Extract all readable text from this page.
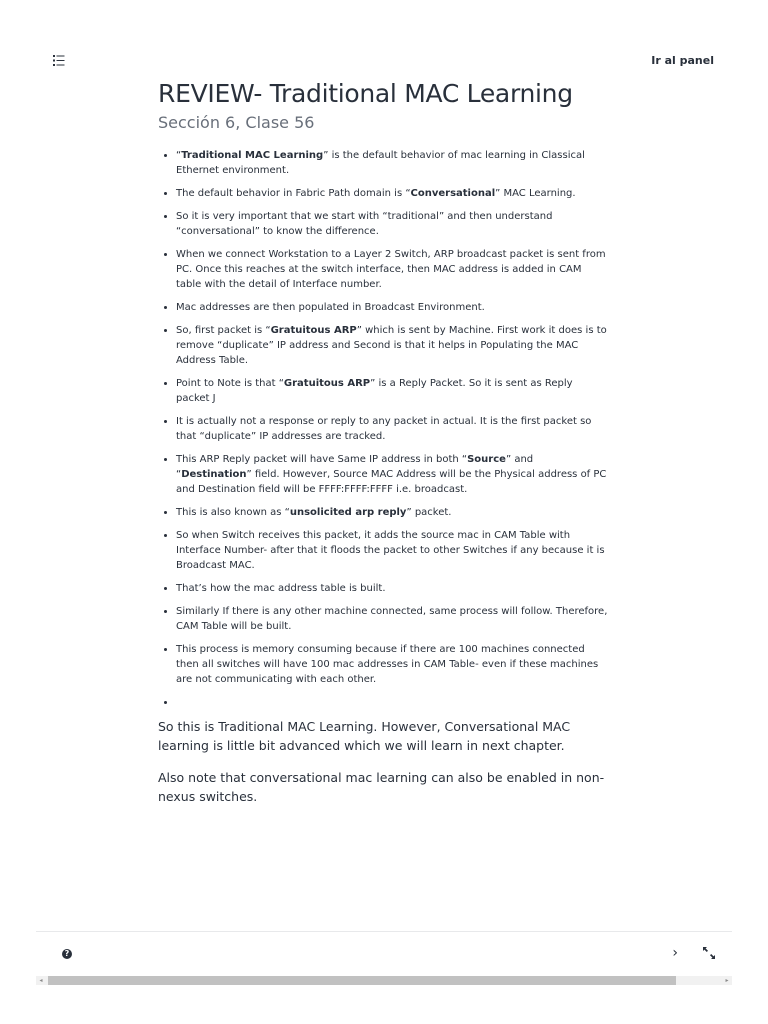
Ir al panel
REVIEW- Traditional MAC Learning
Sección 6, Clase 56
• “Traditional MAC Learning” is the default behavior of mac learning in Classical Ethernet environment.
• The default behavior in Fabric Path domain is “Conversational” MAC Learning.
• So it is very important that we start with “traditional” and then understand “conversational” to know the difference.
• When we connect Workstation to a Layer 2 Switch, ARP broadcast packet is sent from PC. Once this reaches at the switch interface, then MAC address is added in CAM table with the detail of Interface number.
• Mac addresses are then populated in Broadcast Environment.
• So, first packet is “Gratuitous ARP” which is sent by Machine. First work it does is to remove “duplicate” IP address and Second is that it helps in Populating the MAC Address Table.
• Point to Note is that “Gratuitous ARP” is a Reply Packet. So it is sent as Reply packet J
• It is actually not a response or reply to any packet in actual. It is the first packet so that “duplicate” IP addresses are tracked.
• This ARP Reply packet will have Same IP address in both “Source” and “Destination” field. However, Source MAC Address will be the Physical address of PC and Destination field will be FFFF:FFFF:FFFF i.e. broadcast.
• This is also known as “unsolicited arp reply” packet.
• So when Switch receives this packet, it adds the source mac in CAM Table with Interface Number- after that it floods the packet to other Switches if any because it is Broadcast MAC.
• That’s how the mac address table is built.
• Similarly If there is any other machine connected, same process will follow. Therefore, CAM Table will be built.
• This process is memory consuming because if there are 100 machines connected then all switches will have 100 mac addresses in CAM Table- even if these machines are not communicating with each other.
•

So this is Traditional MAC Learning. However, Conversational MAC learning is little bit advanced which we will learn in next chapter.

Also note that conversational mac learning can also be enabled in non-nexus switches.

?	›
◂	▸
